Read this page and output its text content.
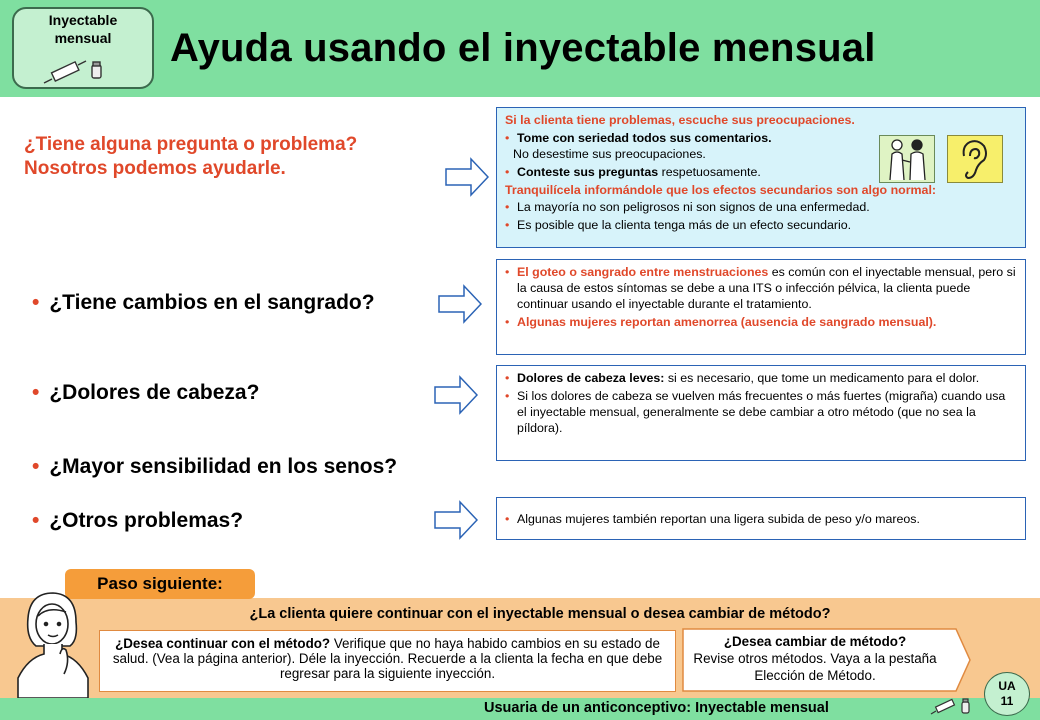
Inyectable
mensual	Ayuda usando el inyectable mensual
¿Tiene alguna pregunta o problema?
Nosotros podemos ayudarle.
• ¿Tiene cambios en el sangrado?
• ¿Dolores de cabeza?
• ¿Mayor sensibilidad en los senos?
• ¿Otros problemas?
Si la clienta tiene problemas, escuche sus preocupaciones.
• Tome con seriedad todos sus comentarios.
No desestime sus preocupaciones.
• Conteste sus preguntas respetuosamente.
Tranquilícela informándole que los efectos secundarios son algo normal:
• La mayoría no son peligrosos ni son signos de una enfermedad.
• Es posible que la clienta tenga más de un efecto secundario.
• El goteo o sangrado entre menstruaciones es común con el inyectable mensual, pero si la causa de estos síntomas se debe a una ITS o infección pélvica, la clienta puede continuar usando el inyectable durante el tratamiento.
• Algunas mujeres reportan amenorrea (ausencia de sangrado mensual).
• Dolores de cabeza leves: si es necesario, que tome un medicamento para el dolor.
• Si los dolores de cabeza se vuelven más frecuentes o más fuertes (migraña) cuando usa el inyectable mensual, generalmente se debe cambiar a otro método (que no sea la píldora).
• Algunas mujeres también reportan una ligera subida de peso y/o mareos.
Paso siguiente:
¿La clienta quiere continuar con el inyectable mensual o desea cambiar de método?
¿Desea continuar con el método? Verifique que no haya habido cambios en su estado de salud. (Vea la página anterior). Déle la inyección. Recuerde a la clienta la fecha en que debe regresar para la siguiente inyección.
¿Desea cambiar de método?
Revise otros métodos. Vaya a la pestaña Elección de Método.
Usuaria de un anticonceptivo: Inyectable mensual
UA
11
